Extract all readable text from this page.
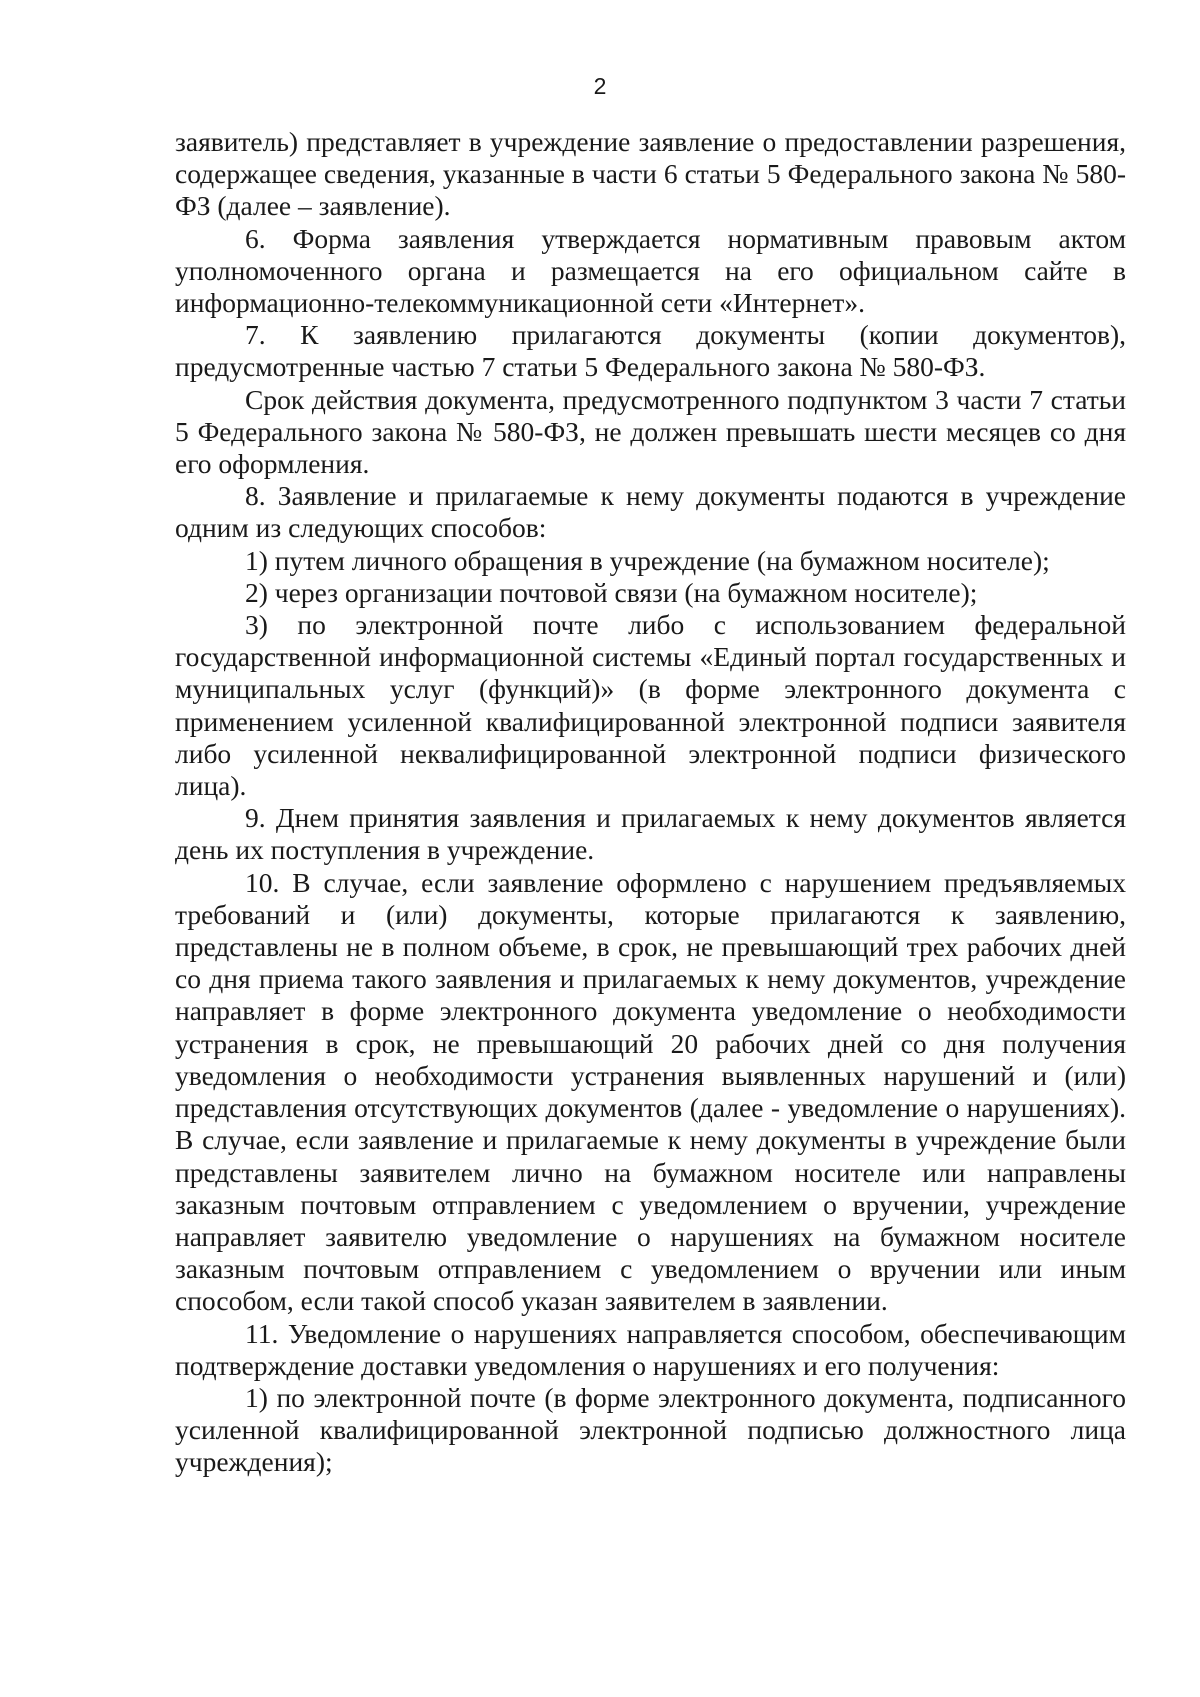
2

заявитель) представляет в учреждение заявление о предоставлении разрешения, содержащее сведения, указанные в части 6 статьи 5 Федерального закона № 580-ФЗ (далее – заявление).

6. Форма заявления утверждается нормативным правовым актом уполномоченного органа и размещается на его официальном сайте в информационно-телекоммуникационной сети «Интернет».

7. К заявлению прилагаются документы (копии документов), предусмотренные частью 7 статьи 5 Федерального закона № 580-ФЗ.

Срок действия документа, предусмотренного подпунктом 3 части 7 статьи 5 Федерального закона № 580-ФЗ, не должен превышать шести месяцев со дня его оформления.

8. Заявление и прилагаемые к нему документы подаются в учреждение одним из следующих способов:

1) путем личного обращения в учреждение (на бумажном носителе);

2) через организации почтовой связи (на бумажном носителе);

3) по электронной почте либо с использованием федеральной государственной информационной системы «Единый портал государственных и муниципальных услуг (функций)» (в форме электронного документа с применением усиленной квалифицированной электронной подписи заявителя либо усиленной неквалифицированной электронной подписи физического лица).

9. Днем принятия заявления и прилагаемых к нему документов является день их поступления в учреждение.

10. В случае, если заявление оформлено с нарушением предъявляемых требований и (или) документы, которые прилагаются к заявлению, представлены не в полном объеме, в срок, не превышающий трех рабочих дней со дня приема такого заявления и прилагаемых к нему документов, учреждение направляет в форме электронного документа уведомление о необходимости устранения в срок, не превышающий 20 рабочих дней со дня получения уведомления о необходимости устранения выявленных нарушений и (или) представления отсутствующих документов (далее - уведомление о нарушениях). В случае, если заявление и прилагаемые к нему документы в учреждение были представлены заявителем лично на бумажном носителе или направлены заказным почтовым отправлением с уведомлением о вручении, учреждение направляет заявителю уведомление о нарушениях на бумажном носителе заказным почтовым отправлением с уведомлением о вручении или иным способом, если такой способ указан заявителем в заявлении.

11. Уведомление о нарушениях направляется способом, обеспечивающим подтверждение доставки уведомления о нарушениях и его получения:

1) по электронной почте (в форме электронного документа, подписанного усиленной квалифицированной электронной подписью должностного лица учреждения);
